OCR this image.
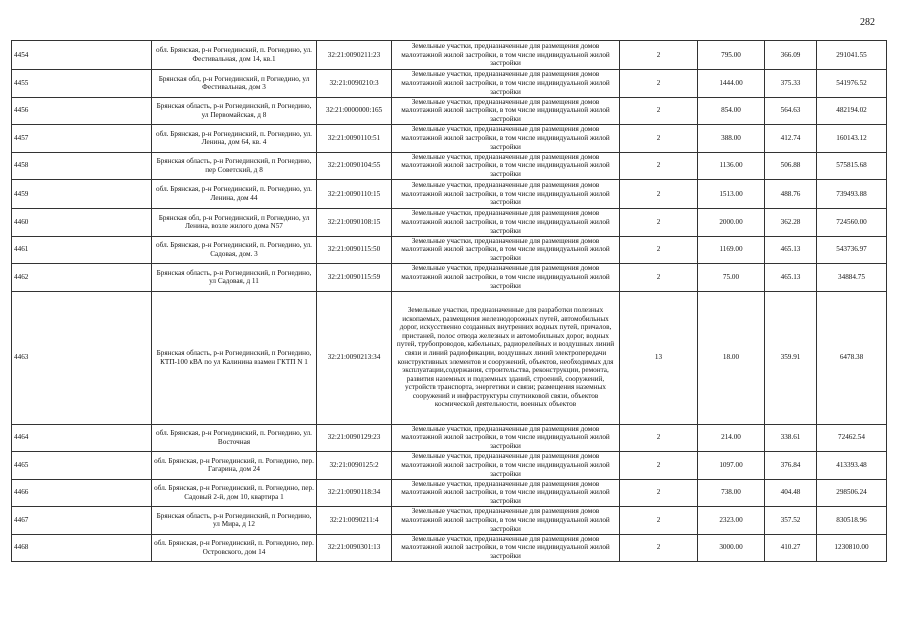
282
4454	обл. Брянская, р-н Рогнединский, п. Рогнедино, ул. Фестивальная, дом 14, кв.1	32:21:0090211:23	Земельные участки, предназначенные для размещения домов малоэтажной жилой застройки, в том числе индивидуальной жилой застройки	2	795.00	366.09	291041.55
4455	Брянская обл, р-н Рогнединский, п Рогнедино, ул Фестивальная, дом 3	32:21:0090210:3	Земельные участки, предназначенные для размещения домов малоэтажной жилой застройки, в том числе индивидуальной жилой застройки	2	1444.00	375.33	541976.52
4456	Брянская область, р-н Рогнединский, п Рогнедино, ул Первомайская, д 8	32:21:0000000:165	Земельные участки, предназначенные для размещения домов малоэтажной жилой застройки, в том числе индивидуальной жилой застройки	2	854.00	564.63	482194.02
4457	обл. Брянская, р-н Рогнединский, п. Рогнедино, ул. Ленина, дом 64, кв. 4	32:21:0090110:51	Земельные участки, предназначенные для размещения домов малоэтажной жилой застройки, в том числе индивидуальной жилой застройки	2	388.00	412.74	160143.12
4458	Брянская область, р-н Рогнединский, п Рогнедино, пер Советский, д 8	32:21:0090104:55	Земельные участки, предназначенные для размещения домов малоэтажной жилой застройки, в том числе индивидуальной жилой застройки	2	1136.00	506.88	575815.68
4459	обл. Брянская, р-н Рогнединский, п. Рогнедино, ул. Ленина, дом 44	32:21:0090110:15	Земельные участки, предназначенные для размещения домов малоэтажной жилой застройки, в том числе индивидуальной жилой застройки	2	1513.00	488.76	739493.88
4460	Брянская обл, р-н Рогнединский, п Рогнедино, ул Ленина, возле жилого дома N57	32:21:0090108:15	Земельные участки, предназначенные для размещения домов малоэтажной жилой застройки, в том числе индивидуальной жилой застройки	2	2000.00	362.28	724560.00
4461	обл. Брянская, р-н Рогнединский, п. Рогнедино, ул. Садовая, дом. 3	32:21:0090115:50	Земельные участки, предназначенные для размещения домов малоэтажной жилой застройки, в том числе индивидуальной жилой застройки	2	1169.00	465.13	543736.97
4462	Брянская область, р-н Рогнединский, п Рогнедино, ул Садовая, д 11	32:21:0090115:59	Земельные участки, предназначенные для размещения домов малоэтажной жилой застройки, в том числе индивидуальной жилой застройки	2	75.00	465.13	34884.75
4463	Брянская область, р-н Рогнединский, п Рогнедино, КТП-100 кВА по ул Калинина взамен ГКТП N 1	32:21:0090213:34	Земельные участки, предназначенные для разработки полезных ископаемых, размещения железнодорожных путей, автомобильных дорог, искусственно созданных внутренних водных путей, причалов, пристаней, полос отвода железных и автомобильных дорог, водных путей, трубопроводов, кабельных, радиорелейных и воздушных линий связи и линий радиофикации, воздушных линий электропередачи конструктивных элементов и сооружений, объектов, необходимых для эксплуатации,содержания, строительства, реконструкции, ремонта, развития наземных и подземных зданий, строений, сооружений, устройств транспорта, энергетики и связи; размещения наземных сооружений и инфраструктуры спутниковой связи, объектов космической деятельности, военных объектов	13	18.00	359.91	6478.38
4464	обл. Брянская, р-н Рогнединский, п. Рогнедино, ул. Восточная	32:21:0090129:23	Земельные участки, предназначенные для размещения домов малоэтажной жилой застройки, в том числе индивидуальной жилой застройки	2	214.00	338.61	72462.54
4465	обл. Брянская, р-н Рогнединский, п. Рогнедино, пер. Гагарина, дом 24	32:21:0090125:2	Земельные участки, предназначенные для размещения домов малоэтажной жилой застройки, в том числе индивидуальной жилой застройки	2	1097.00	376.84	413393.48
4466	обл. Брянская, р-н Рогнединский, п. Рогнедино, пер. Садовый 2-й, дом 10, квартира 1	32:21:0090118:34	Земельные участки, предназначенные для размещения домов малоэтажной жилой застройки, в том числе индивидуальной жилой застройки	2	738.00	404.48	298506.24
4467	Брянская область, р-н Рогнединский, п Рогнедино, ул Мира, д 12	32:21:0090211:4	Земельные участки, предназначенные для размещения домов малоэтажной жилой застройки, в том числе индивидуальной жилой застройки	2	2323.00	357.52	830518.96
4468	обл. Брянская, р-н Рогнединский, п. Рогнедино, пер. Островского, дом 14	32:21:0090301:13	Земельные участки, предназначенные для размещения домов малоэтажной жилой застройки, в том числе индивидуальной жилой застройки	2	3000.00	410.27	1230810.00
